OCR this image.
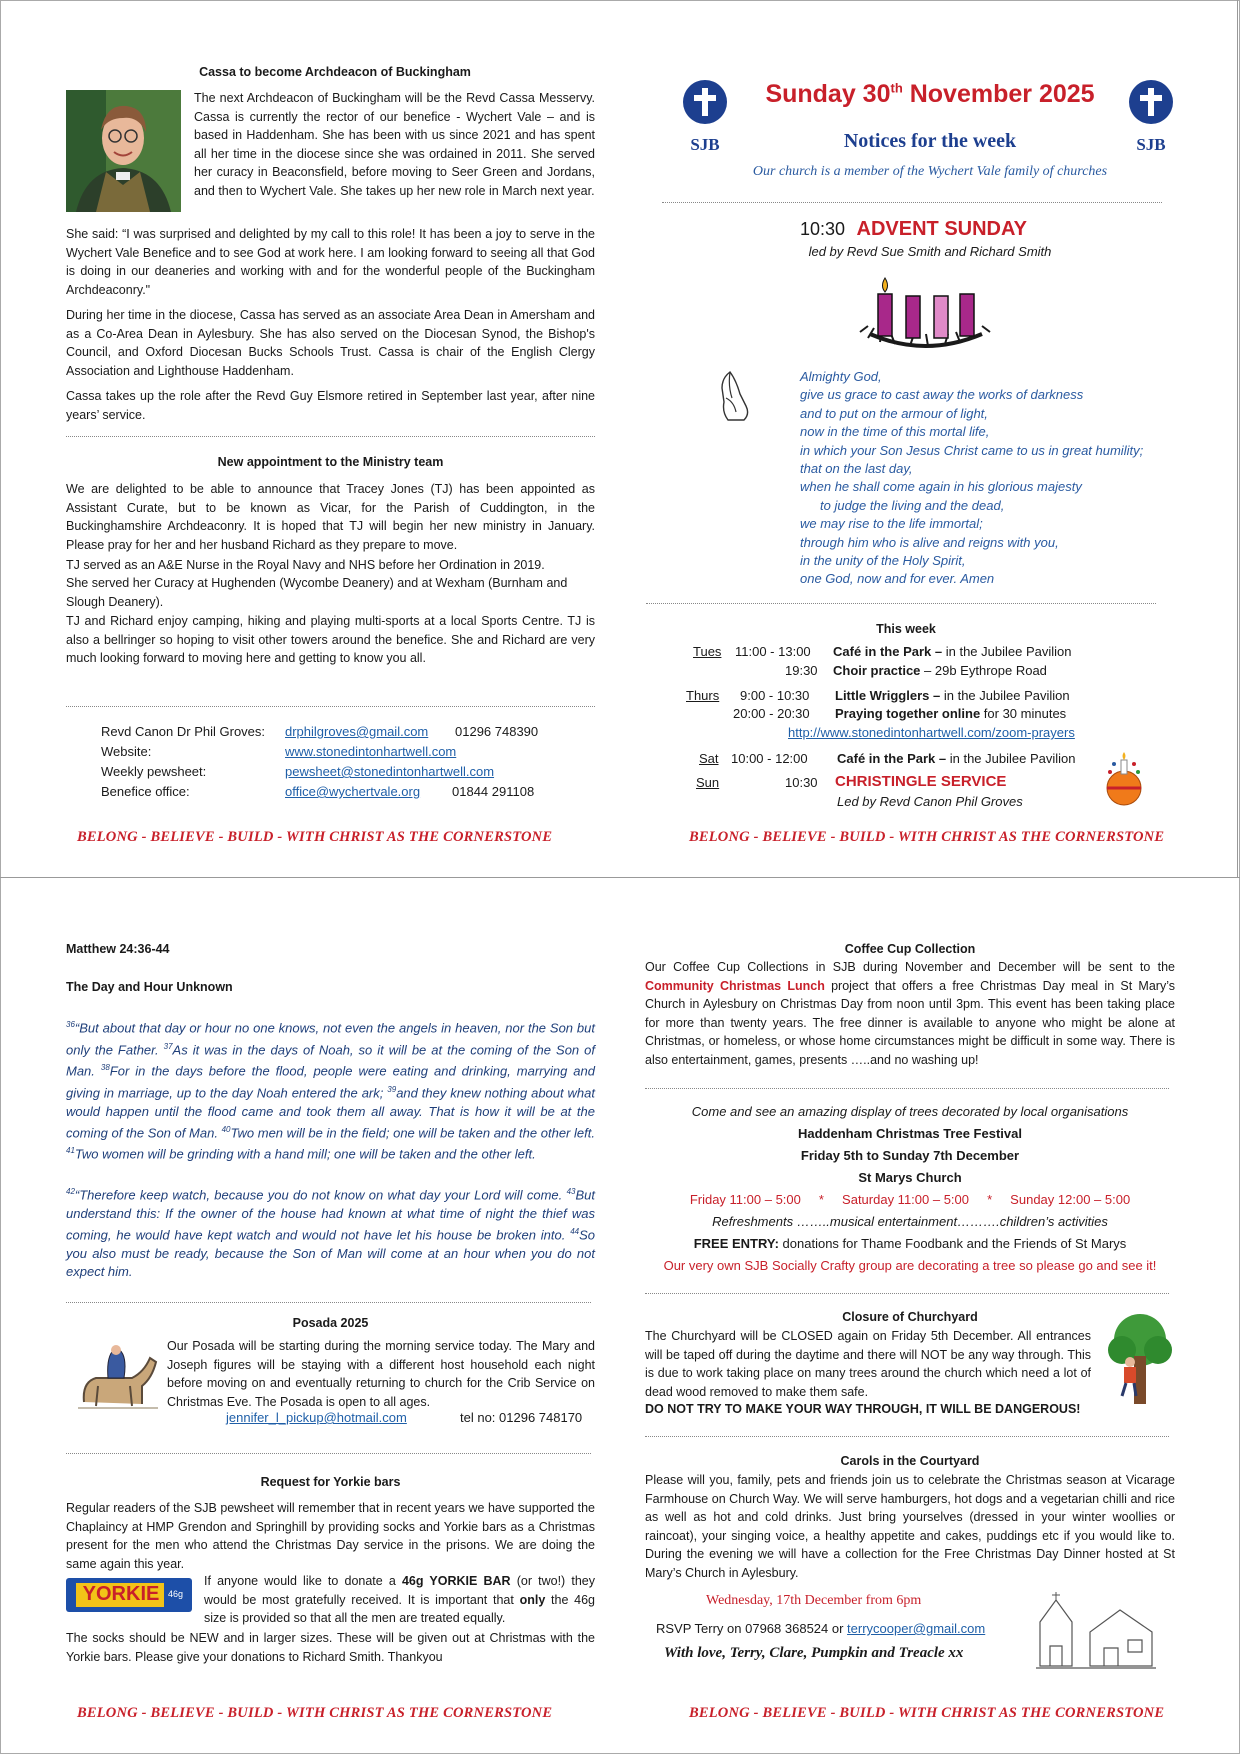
Cassa to become Archdeacon of Buckingham

The next Archdeacon of Buckingham will be the Revd Cassa Messervy. Cassa is currently the rector of our benefice - Wychert Vale – and is based in Haddenham. She has been with us since 2021 and has spent all her time in the diocese since she was ordained in 2011. She served her curacy in Beaconsfield, before moving to Seer Green and Jordans, and then to Wychert Vale. She takes up her new role in March next year.

She said: “I was surprised and delighted by my call to this role! It has been a joy to serve in the Wychert Vale Benefice and to see God at work here. I am looking forward to seeing all that God is doing in our deaneries and working with and for the wonderful people of the Buckingham Archdeaconry."

During her time in the diocese, Cassa has served as an associate Area Dean in Amersham and as a Co-Area Dean in Aylesbury. She has also served on the Diocesan Synod, the Bishop's Council, and Oxford Diocesan Bucks Schools Trust. Cassa is chair of the English Clergy Association and Lighthouse Haddenham.

Cassa takes up the role after the Revd Guy Elsmore retired in September last year, after nine years’ service.

New appointment to the Ministry team

We are delighted to be able to announce that Tracey Jones (TJ) has been appointed as Assistant Curate, but to be known as Vicar, for the Parish of Cuddington, in the Buckinghamshire Archdeaconry. It is hoped that TJ will begin her new ministry in January. Please pray for her and her husband Richard as they prepare to move.

TJ served as an A&E Nurse in the Royal Navy and NHS before her Ordination in 2019.

She served her Curacy at Hughenden (Wycombe Deanery) and at Wexham (Burnham and Slough Deanery).

TJ and Richard enjoy camping, hiking and playing multi-sports at a local Sports Centre. TJ is also a bellringer so hoping to visit other towers around the benefice. She and Richard are very much looking forward to moving here and getting to know you all.

Revd Canon Dr Phil Groves: drphilgroves@gmail.com 01296 748390
Website:	www.stonedintonhartwell.com
Weekly pewsheet:	pewsheet@stonedintonhartwell.com
Benefice office:	office@wychertvale.org 01844 291108
BELONG - BELIEVE - BUILD - WITH CHRIST AS THE CORNERSTONE
SJB	SJB
Sunday 30th November 2025
Notices for the week
Our church is a member of the Wychert Vale family of churches
10:30 ADVENT SUNDAY
led by Revd Sue Smith and Richard Smith
Almighty God,
give us grace to cast away the works of darkness
and to put on the armour of light,
now in the time of this mortal life,
in which your Son Jesus Christ came to us in great humility;
that on the last day,
when he shall come again in his glorious majesty
to judge the living and the dead,
we may rise to the life immortal;
through him who is alive and reigns with you,
in the unity of the Holy Spirit,
one God, now and for ever. Amen
This week
Tues 11:00 - 13:00 Café in the Park – in the Jubilee Pavilion
19:30 Choir practice – 29b Eythrope Road
Thurs 9:00 - 10:30 Little Wrigglers – in the Jubilee Pavilion
20:00 - 20:30 Praying together online for 30 minutes
http://www.stonedintonhartwell.com/zoom-prayers
Sat 10:00 - 12:00 Café in the Park – in the Jubilee Pavilion
Sun	10:30 CHRISTINGLE SERVICE
Led by Revd Canon Phil Groves
BELONG - BELIEVE - BUILD - WITH CHRIST AS THE CORNERSTONE
Matthew 24:36-44
The Day and Hour Unknown

$^{36}$“But about that day or hour no one knows, not even the angels in heaven, nor the Son but only the Father. $^{37}$As it was in the days of Noah, so it will be at the coming of the Son of Man. $^{38}$For in the days before the flood, people were eating and drinking, marrying and giving in marriage, up to the day Noah entered the ark; $^{39}$and they knew nothing about what would happen until the flood came and took them all away. That is how it will be at the coming of the Son of Man. $^{40}$Two men will be in the field; one will be taken and the other left. $^{41}$Two women will be grinding with a hand mill; one will be taken and the other left.

$^{42}$“Therefore keep watch, because you do not know on what day your Lord will come. $^{43}$But understand this: If the owner of the house had known at what time of night the thief was coming, he would have kept watch and would not have let his house be broken into. $^{44}$So you also must be ready, because the Son of Man will come at an hour when you do not expect him.

Posada 2025

Our Posada will be starting during the morning service today. The Mary and Joseph figures will be staying with a different host household each night before moving on and eventually returning to church for the Crib Service on Christmas Eve. The Posada is open to all ages.

jennifer_l_pickup@hotmail.com	tel no: 01296 748170
Request for Yorkie bars

Regular readers of the SJB pewsheet will remember that in recent years we have supported the Chaplaincy at HMP Grendon and Springhill by providing socks and Yorkie bars as a Christmas present for the men who attend the Christmas Day service in the prisons. We are doing the same again this year.

YORKIE 46g

If anyone would like to donate a 46g YORKIE BAR (or two!) they would be most gratefully received. It is important that only the 46g size is provided so that all the men are treated equally.

The socks should be NEW and in larger sizes. These will be given out at Christmas with the Yorkie bars. Please give your donations to Richard Smith. Thankyou

BELONG - BELIEVE - BUILD - WITH CHRIST AS THE CORNERSTONE
Coffee Cup Collection

Our Coffee Cup Collections in SJB during November and December will be sent to the Community Christmas Lunch project that offers a free Christmas Day meal in St Mary’s Church in Aylesbury on Christmas Day from noon until 3pm. This event has been taking place for more than twenty years. The free dinner is available to anyone who might be alone at Christmas, or homeless, or whose home circumstances might be difficult in some way. There is also entertainment, games, presents …..and no washing up!

Come and see an amazing display of trees decorated by local organisations
Haddenham Christmas Tree Festival
Friday 5th to Sunday 7th December
St Marys Church
Friday 11:00 – 5:00     *     Saturday 11:00 – 5:00     *     Sunday 12:00 – 5:00
Refreshments ……..musical entertainment……….children’s activities
FREE ENTRY: donations for Thame Foodbank and the Friends of St Marys
Our very own SJB Socially Crafty group are decorating a tree so please go and see it!
Closure of Churchyard

The Churchyard will be CLOSED again on Friday 5th December. All entrances will be taped off during the daytime and there will NOT be any way through. This is due to work taking place on many trees around the church which need a lot of dead wood removed to make them safe.

DO NOT TRY TO MAKE YOUR WAY THROUGH, IT WILL BE DANGEROUS!

Carols in the Courtyard

Please will you, family, pets and friends join us to celebrate the Christmas season at Vicarage Farmhouse on Church Way. We will serve hamburgers, hot dogs and a vegetarian chilli and rice as well as hot and cold drinks. Just bring yourselves (dressed in your winter woollies or raincoat), your singing voice, a healthy appetite and cakes, puddings etc if you would like to. During the evening we will have a collection for the Free Christmas Day Dinner hosted at St Mary’s Church in Aylesbury.

Wednesday, 17th December from 6pm
RSVP Terry on 07968 368524 or terrycooper@gmail.com
With love, Terry, Clare, Pumpkin and Treacle xx
BELONG - BELIEVE - BUILD - WITH CHRIST AS THE CORNERSTONE
